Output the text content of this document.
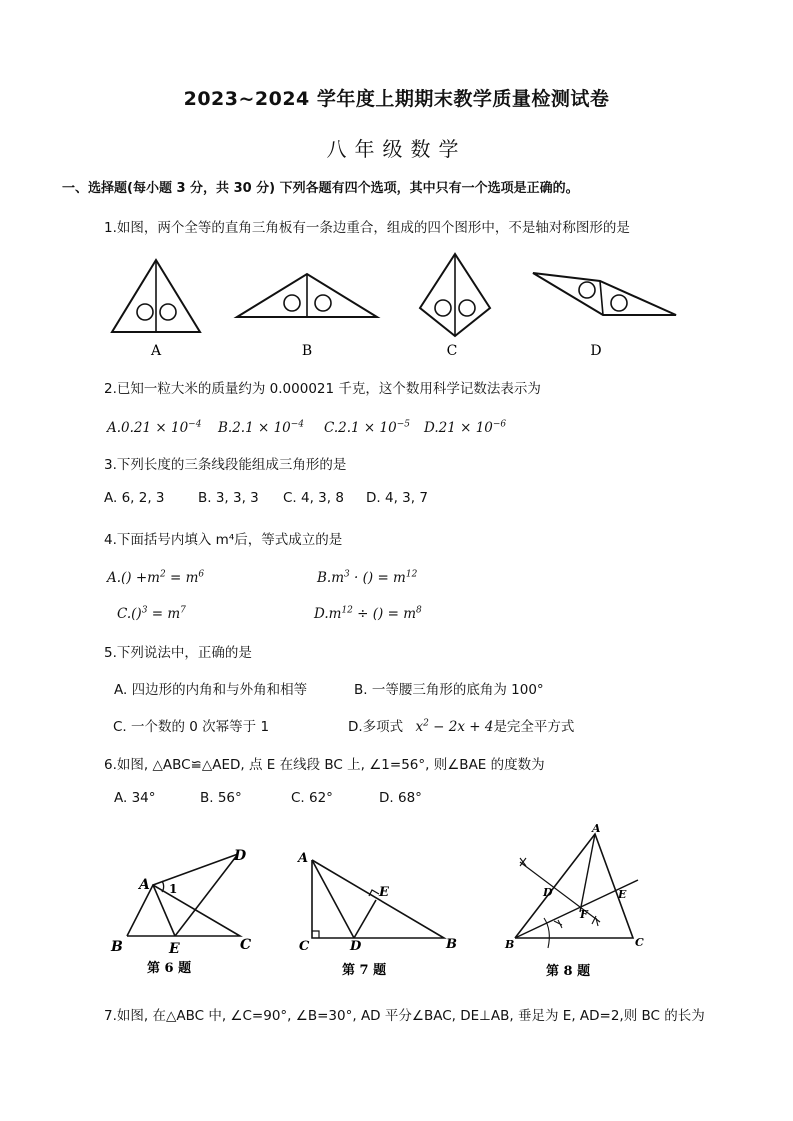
2023~2024 学年度上期期末教学质量检测试卷
八年级数学
一、选择题(每小题 3 分，共 30 分) 下列各题有四个选项，其中只有一个选项是正确的。
1.如图，两个全等的直角三角板有一条边重合，组成的四个图形中，不是轴对称图形的是
A	B	C	D
2.已知一粒大米的质量约为 0.000021 千克，这个数用科学记数法表示为
$A.0.21 \times 10^{-4}$ $B.2.1 \times 10^{-4}$ $C.2.1 \times 10^{-5}$ $D.21 \times 10^{-6}$
3.下列长度的三条线段能组成三角形的是
A. 6, 2, 3 B. 3, 3, 3 C. 4, 3, 8 D. 4, 3, 7
4.下面括号内填入 m⁴后，等式成立的是
$A.() +m^2 = m^6$	$B.m^3$ · () = $m^{12}$
$C.()^3 = m^7$	$D.m^{12}$ ÷ () = $m^8$
5.下列说法中，正确的是
A. 四边形的内角和与外角和相等	B. 一等腰三角形的底角为 100°
C. 一个数的 0 次幂等于 1	D.多项式 $x^2 - 2x + 4$是完全平方式
6.如图, △ABC≌△AED, 点 E 在线段 BC 上, ∠1=56°, 则∠BAE 的度数为
A. 34°	B. 56°	C. 62°	D. 68°
A 1
D
B	E	C
第 6 题
A
E
C	D	B
第 7 题
A
D	E
F
B	C
第 8 题
7.如图, 在△ABC 中, ∠C=90°, ∠B=30°, AD 平分∠BAC, DE⊥AB, 垂足为 E, AD=2,则 BC 的长为
